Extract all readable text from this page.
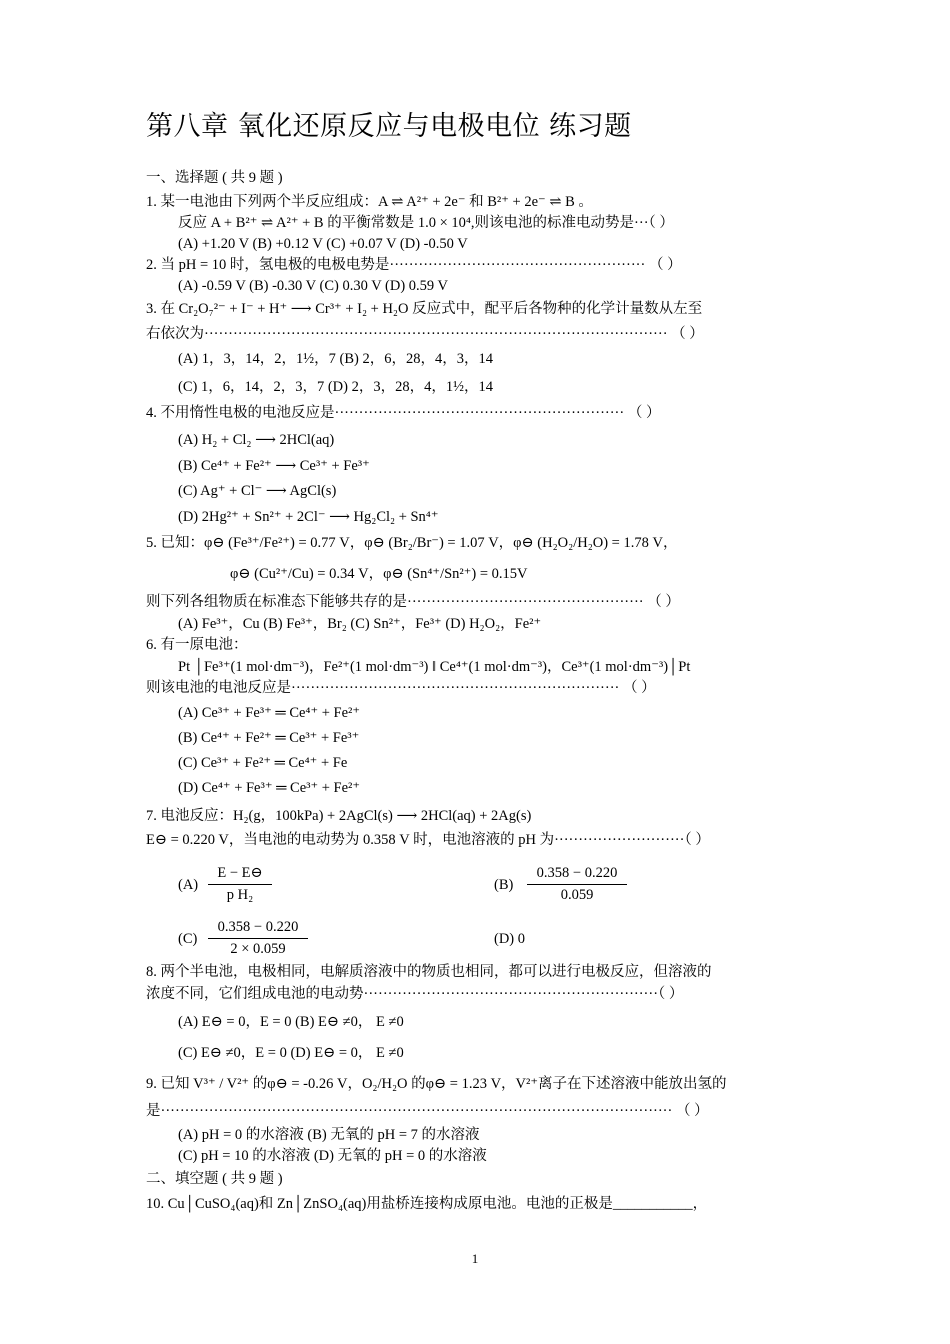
第八章 氧化还原反应与电极电位 练习题
一、选择题 ( 共 9 题 )
1. 某一电池由下列两个半反应组成：A ⇌ A²⁺ + 2e⁻ 和 B²⁺ + 2e⁻ ⇌ B 。
反应 A + B²⁺ ⇌ A²⁺ + B 的平衡常数是 1.0 × 10⁴,则该电池的标准电动势是···（ ）
(A) +1.20 V (B) +0.12 V (C) +0.07 V (D) -0.50 V
2. 当 pH = 10 时，氢电极的电极电势是····················································· （ ）
(A) -0.59 V (B) -0.30 V (C) 0.30 V (D) 0.59 V
3. 在 Cr₂O₇²⁻ + I⁻ + H⁺ ⟶ Cr³⁺ + I₂ + H₂O 反应式中，配平后各物种的化学计量数从左至
右依次为································································································ （ ）
(A) 1，3，14，2，1½，7 (B) 2，6，28，4，3，14
(C) 1，6，14，2，3，7 (D) 2，3，28，4，1½，14
4. 不用惰性电极的电池反应是···························································· （ ）
(A) H₂ + Cl₂ ⟶ 2HCl(aq)
(B) Ce⁴⁺ + Fe²⁺ ⟶ Ce³⁺ + Fe³⁺
(C) Ag⁺ + Cl⁻ ⟶ AgCl(s)
(D) 2Hg²⁺ + Sn²⁺ + 2Cl⁻ ⟶ Hg₂Cl₂ + Sn⁴⁺
5. 已知：φ⊖ (Fe³⁺/Fe²⁺) = 0.77 V，φ⊖ (Br₂/Br⁻) = 1.07 V，φ⊖ (H₂O₂/H₂O) = 1.78 V，
φ⊖ (Cu²⁺/Cu) = 0.34 V，φ⊖ (Sn⁴⁺/Sn²⁺) = 0.15V
则下列各组物质在标准态下能够共存的是················································· （ ）
(A) Fe³⁺，Cu (B) Fe³⁺，Br₂ (C) Sn²⁺，Fe³⁺ (D) H₂O₂，Fe²⁺
6. 有一原电池：
Pt │Fe³⁺(1 mol·dm⁻³)，Fe²⁺(1 mol·dm⁻³) ‖ Ce⁴⁺(1 mol·dm⁻³)，Ce³⁺(1 mol·dm⁻³)│Pt
则该电池的电池反应是···································································· （ ）
(A) Ce³⁺ + Fe³⁺ ═ Ce⁴⁺ + Fe²⁺
(B) Ce⁴⁺ + Fe²⁺ ═ Ce³⁺ + Fe³⁺
(C) Ce³⁺ + Fe²⁺ ═ Ce⁴⁺ + Fe
(D) Ce⁴⁺ + Fe³⁺ ═ Ce³⁺ + Fe²⁺
7. 电池反应：H₂(g，100kPa) + 2AgCl(s) ⟶ 2HCl(aq) + 2Ag(s)
E⊖ = 0.220 V，当电池的电动势为 0.358 V 时，电池溶液的 pH 为···························（ ）
(A)	(B)
(C)	(D) 0
8. 两个半电池，电极相同，电解质溶液中的物质也相同，都可以进行电极反应，但溶液的
浓度不同，它们组成电池的电动势·····························································（ ）
(A) E⊖ = 0，E = 0 (B) E⊖ ≠0， E ≠0
(C) E⊖ ≠0，E = 0 (D) E⊖ = 0， E ≠0
9. 已知 V³⁺ / V²⁺ 的φ⊖ = -0.26 V，O₂/H₂O 的φ⊖ = 1.23 V，V²⁺离子在下述溶液中能放出氢的
是·········································································································· （ ）
(A) pH = 0 的水溶液 (B) 无氧的 pH = 7 的水溶液
(C) pH = 10 的水溶液 (D) 无氧的 pH = 0 的水溶液
二、填空题 ( 共 9 题 )
10. Cu│CuSO₄(aq)和 Zn│ZnSO₄(aq)用盐桥连接构成原电池。电池的正极是___________，
E − E⊖
p H₂
0.358 − 0.220
0.059
0.358 − 0.220
2 × 0.059
1
